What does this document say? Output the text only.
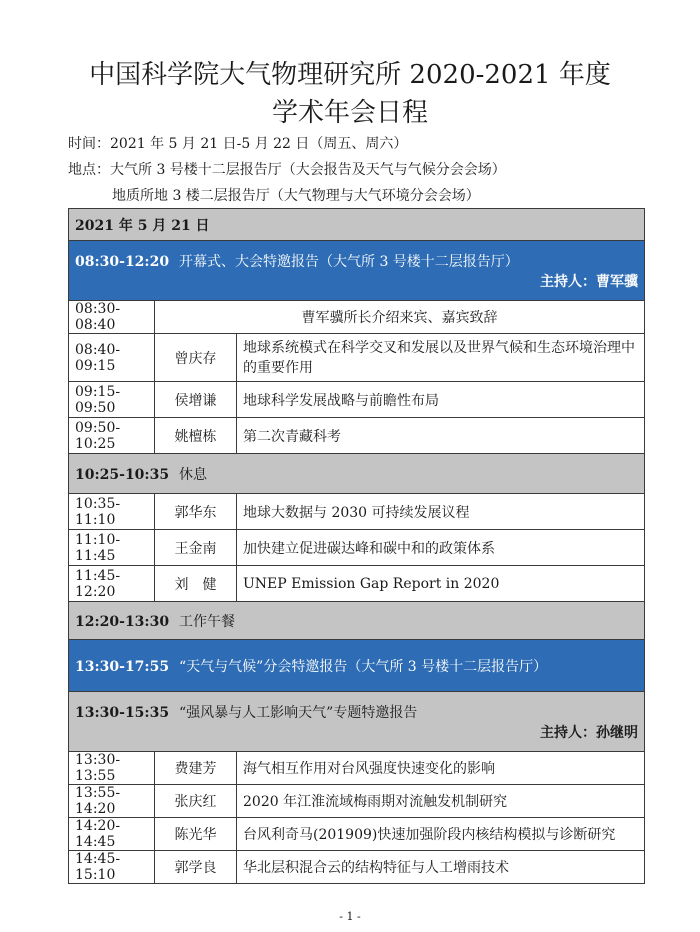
中国科学院大气物理研究所 2020-2021 年度
学术年会日程
时间：2021 年 5 月 21 日-5 月 22 日（周五、周六）
地点：大气所 3 号楼十二层报告厅（大会报告及天气与气候分会会场）
地质所地 3 楼二层报告厅（大气物理与大气环境分会会场）
2021 年 5 月 21 日		

08:30-12:20 开幕式、大会特邀报告（大气所 3 号楼十二层报告厅）
主持人：曹军骥		

08:30-08:40	曹军骥所长介绍来宾、嘉宾致辞	
08:40-09:15	曾庆存	地球系统模式在科学交叉和发展以及世界气候和生态环境治理中的重要作用
09:15-09:50	侯增谦	地球科学发展战略与前瞻性布局
09:50-10:25	姚檀栋	第二次青藏科考
10:25-10:35 休息		
10:35-11:10	郭华东	地球大数据与 2030 可持续发展议程
11:10-11:45	王金南	加快建立促进碳达峰和碳中和的政策体系
11:45-12:20	刘　健	UNEP Emission Gap Report in 2020
12:20-13:30 工作午餐		
13:30-17:55 “天气与气候”分会特邀报告（大气所 3 号楼十二层报告厅）		

13:30-15:35 “强风暴与人工影响天气”专题特邀报告
主持人：孙继明		

13:30-13:55	费建芳	海气相互作用对台风强度快速变化的影响
13:55-14:20	张庆红	2020 年江淮流域梅雨期对流触发机制研究
14:20-14:45	陈光华	台风利奇马(201909)快速加强阶段内核结构模拟与诊断研究
14:45-15:10	郭学良	华北层积混合云的结构特征与人工增雨技术
- 1 -
